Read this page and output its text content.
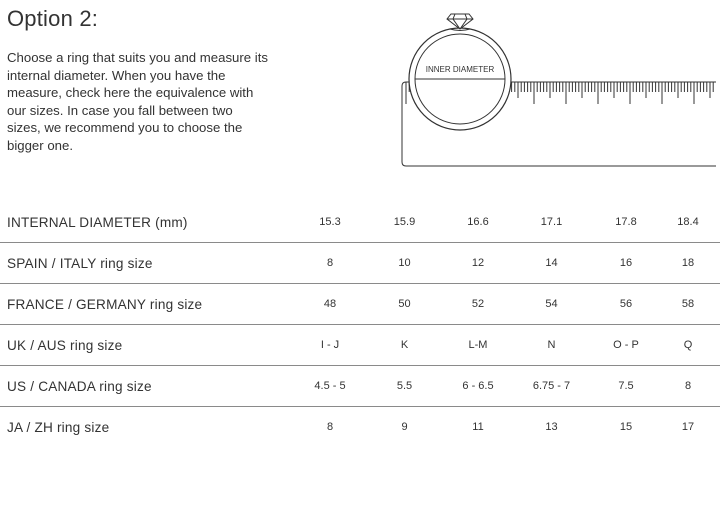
Option 2:

Choose a ring that suits you and measure its internal diameter. When you have the measure, check here the equivalence with our sizes. In case you fall between two sizes, we recommend you to choose the bigger one.

INNER DIAMETER
INTERNAL DIAMETER (mm)	15.3	15.9	16.6	17.1	17.8	18.4
SPAIN / ITALY ring size	8	10	12	14	16	18
FRANCE / GERMANY ring size	48	50	52	54	56	58
UK / AUS ring size	I - J	K	L-M	N	O - P	Q
US / CANADA ring size	4.5 - 5	5.5	6 - 6.5	6.75 - 7	7.5	8
JA / ZH ring size	8	9	11	13	15	17
